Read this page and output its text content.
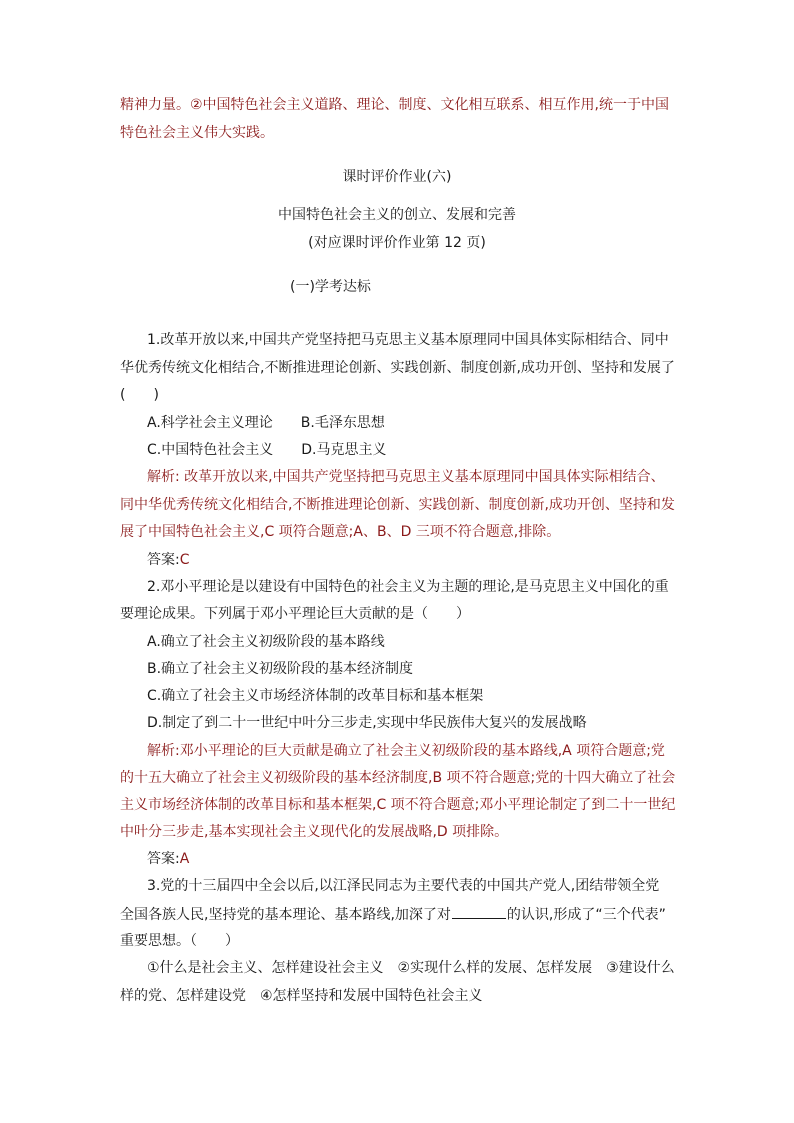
精神力量。②中国特色社会主义道路、理论、制度、文化相互联系、相互作用,统一于中国
特色社会主义伟大实践。
课时评价作业(六)
中国特色社会主义的创立、发展和完善
(对应课时评价作业第 12 页)
(一)学考达标
1.改革开放以来,中国共产党坚持把马克思主义基本原理同中国具体实际相结合、同中
华优秀传统文化相结合,不断推进理论创新、实践创新、制度创新,成功开创、坚持和发展了
(　　)
A.科学社会主义理论　　B.毛泽东思想
C.中国特色社会主义　　D.马克思主义
解析: 改革开放以来,中国共产党坚持把马克思主义基本原理同中国具体实际相结合、
同中华优秀传统文化相结合,不断推进理论创新、实践创新、制度创新,成功开创、坚持和发
展了中国特色社会主义,C 项符合题意;A、B、D 三项不符合题意,排除。
答案:C
2.邓小平理论是以建设有中国特色的社会主义为主题的理论,是马克思主义中国化的重
要理论成果。下列属于邓小平理论巨大贡献的是（　　）
A.确立了社会主义初级阶段的基本路线
B.确立了社会主义初级阶段的基本经济制度
C.确立了社会主义市场经济体制的改革目标和基本框架
D.制定了到二十一世纪中叶分三步走,实现中华民族伟大复兴的发展战略
解析:邓小平理论的巨大贡献是确立了社会主义初级阶段的基本路线,A 项符合题意;党
的十五大确立了社会主义初级阶段的基本经济制度,B 项不符合题意;党的十四大确立了社会
主义市场经济体制的改革目标和基本框架,C 项不符合题意;邓小平理论制定了到二十一世纪
中叶分三步走,基本实现社会主义现代化的发展战略,D 项排除。
答案:A
3.党的十三届四中全会以后,以江泽民同志为主要代表的中国共产党人,团结带领全党
全国各族人民,坚持党的基本理论、基本路线,加深了对	的认识,形成了“三个代表”
重要思想。（　　）
①什么是社会主义、怎样建设社会主义　②实现什么样的发展、怎样发展　③建设什么
样的党、怎样建设党　④怎样坚持和发展中国特色社会主义
